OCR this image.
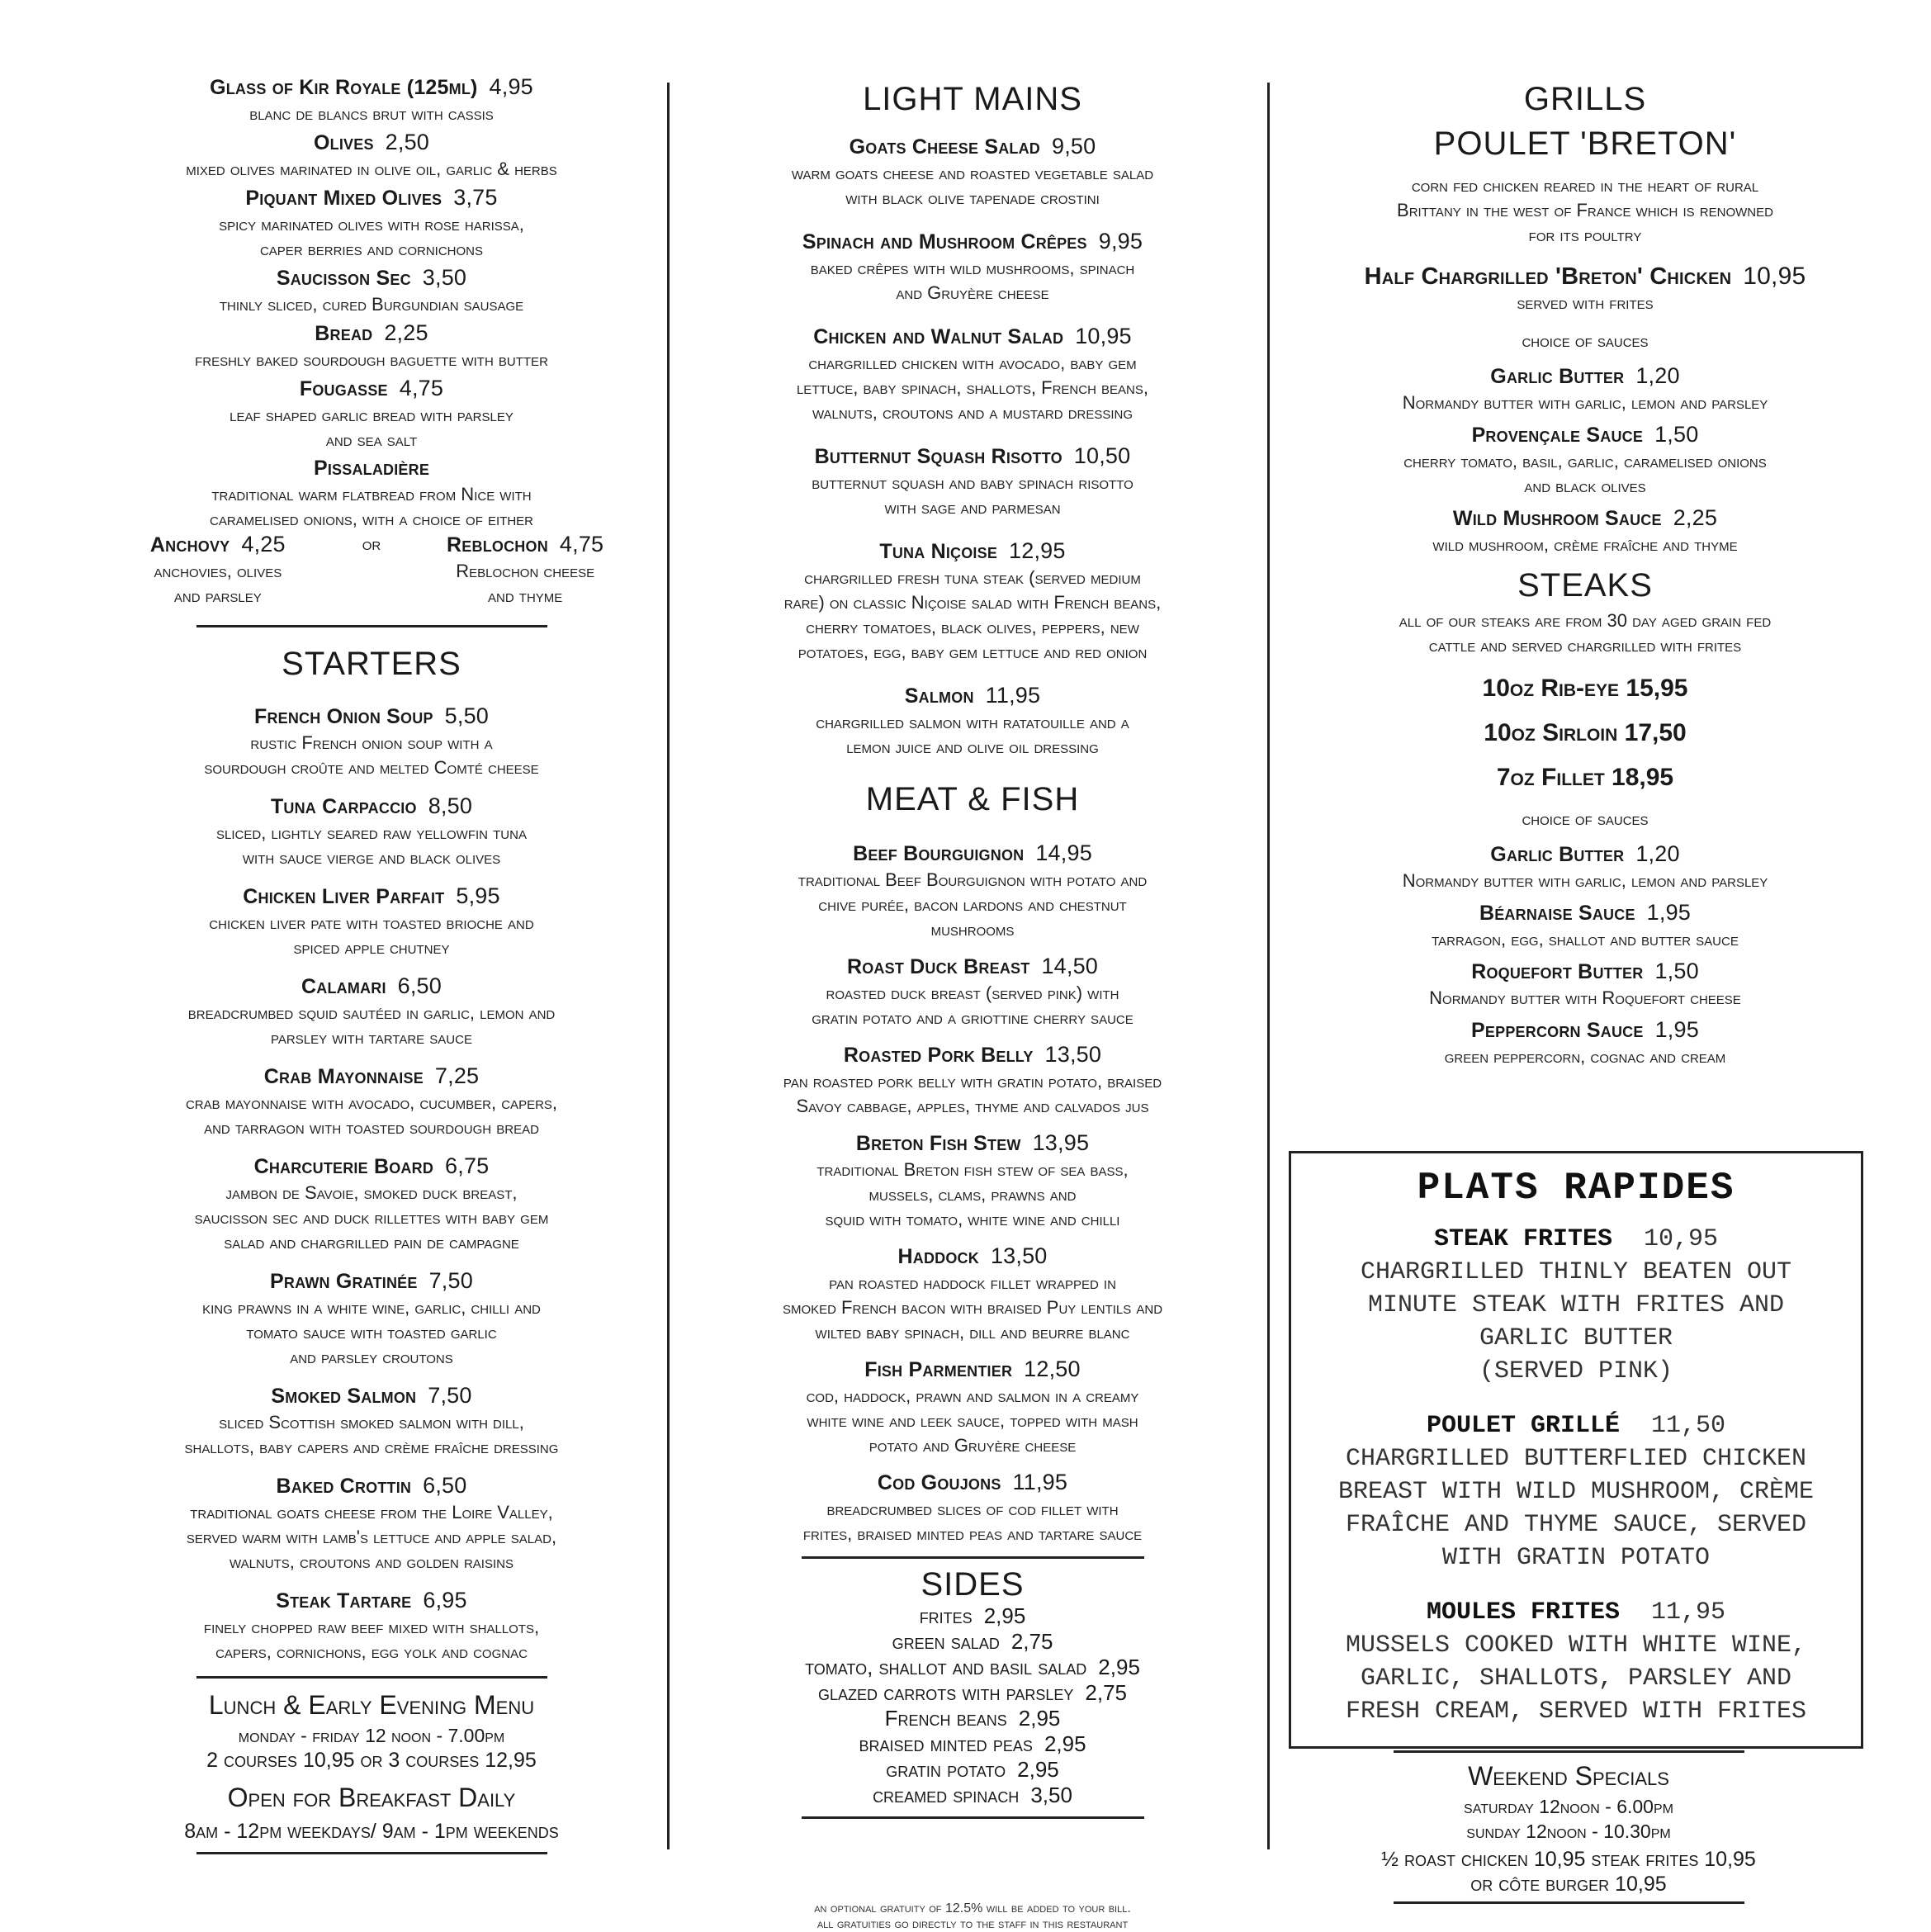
Glass of Kir Royale (125ml) 4,95
blanc de blancs brut with cassis
Olives 2,50
mixed olives marinated in olive oil, garlic & herbs
Piquant Mixed Olives 3,75
spicy marinated olives with rose harissa,
caper berries and cornichons
Saucisson Sec 3,50
thinly sliced, cured Burgundian sausage
Bread 2,25
freshly baked sourdough baguette with butter
Fougasse 4,75
leaf shaped garlic bread with parsley
and sea salt
Pissaladière
traditional warm flatbread from Nice with
caramelised onions, with a choice of either
Anchovy 4,25
anchovies, olives
and parsley
or	Reblochon 4,75
Reblochon cheese
and thyme
STARTERS
French Onion Soup 5,50
rustic French onion soup with a
sourdough croûte and melted Comté cheese
Tuna Carpaccio 8,50
sliced, lightly seared raw yellowfin tuna
with sauce vierge and black olives
Chicken Liver Parfait 5,95
chicken liver pate with toasted brioche and
spiced apple chutney
Calamari 6,50
breadcrumbed squid sautéed in garlic, lemon and
parsley with tartare sauce
Crab Mayonnaise 7,25
crab mayonnaise with avocado, cucumber, capers,
and tarragon with toasted sourdough bread
Charcuterie Board 6,75
jambon de Savoie, smoked duck breast,
saucisson sec and duck rillettes with baby gem
salad and chargrilled pain de campagne
Prawn Gratinée 7,50
king prawns in a white wine, garlic, chilli and
tomato sauce with toasted garlic
and parsley croutons
Smoked Salmon 7,50
sliced Scottish smoked salmon with dill,
shallots, baby capers and crème fraîche dressing
Baked Crottin 6,50
traditional goats cheese from the Loire Valley,
served warm with lamb's lettuce and apple salad,
walnuts, croutons and golden raisins
Steak Tartare 6,95
finely chopped raw beef mixed with shallots,
capers, cornichons, egg yolk and cognac
Lunch & Early Evening Menu
monday - friday 12 noon - 7.00pm
2 courses 10,95 or 3 courses 12,95
Open for Breakfast Daily
8am - 12pm weekdays/ 9am - 1pm weekends
LIGHT MAINS
Goats Cheese Salad 9,50
warm goats cheese and roasted vegetable salad
with black olive tapenade crostini
Spinach and Mushroom Crêpes 9,95
baked crêpes with wild mushrooms, spinach
and Gruyère cheese
Chicken and Walnut Salad 10,95
chargrilled chicken with avocado, baby gem
lettuce, baby spinach, shallots, French beans,
walnuts, croutons and a mustard dressing
Butternut Squash Risotto 10,50
butternut squash and baby spinach risotto
with sage and parmesan
Tuna Niçoise 12,95
chargrilled fresh tuna steak (served medium
rare) on classic Niçoise salad with French beans,
cherry tomatoes, black olives, peppers, new
potatoes, egg, baby gem lettuce and red onion
Salmon 11,95
chargrilled salmon with ratatouille and a
lemon juice and olive oil dressing
MEAT & FISH
Beef Bourguignon 14,95
traditional Beef Bourguignon with potato and
chive purée, bacon lardons and chestnut
mushrooms
Roast Duck Breast 14,50
roasted duck breast (served pink) with
gratin potato and a griottine cherry sauce
Roasted Pork Belly 13,50
pan roasted pork belly with gratin potato, braised
Savoy cabbage, apples, thyme and calvados jus
Breton Fish Stew 13,95
traditional Breton fish stew of sea bass,
mussels, clams, prawns and
squid with tomato, white wine and chilli
Haddock 13,50
pan roasted haddock fillet wrapped in
smoked French bacon with braised Puy lentils and
wilted baby spinach, dill and beurre blanc
Fish Parmentier 12,50
cod, haddock, prawn and salmon in a creamy
white wine and leek sauce, topped with mash
potato and Gruyère cheese
Cod Goujons 11,95
breadcrumbed slices of cod fillet with
frites, braised minted peas and tartare sauce
SIDES
frites 2,95
green salad 2,75
tomato, shallot and basil salad 2,95
glazed carrots with parsley 2,75
French beans 2,95
braised minted peas 2,95
gratin potato 2,95
creamed spinach 3,50
an optional gratuity of 12.5% will be added to your bill.
all gratuities go directly to the staff in this restaurant
GRILLS
POULET 'BRETON'
corn fed chicken reared in the heart of rural
Brittany in the west of France which is renowned
for its poultry
Half Chargrilled 'Breton' Chicken 10,95
served with frites
choice of sauces
Garlic Butter 1,20
Normandy butter with garlic, lemon and parsley
Provençale Sauce 1,50
cherry tomato, basil, garlic, caramelised onions
and black olives
Wild Mushroom Sauce 2,25
wild mushroom, crème fraîche and thyme
STEAKS
all of our steaks are from 30 day aged grain fed
cattle and served chargrilled with frites
10oz Rib-eye 15,95
10oz Sirloin 17,50
7oz Fillet 18,95
choice of sauces
Garlic Butter 1,20
Normandy butter with garlic, lemon and parsley
Béarnaise Sauce 1,95
tarragon, egg, shallot and butter sauce
Roquefort Butter 1,50
Normandy butter with Roquefort cheese
Peppercorn Sauce 1,95
green peppercorn, cognac and cream
PLATS RAPIDES
STEAK FRITES 10,95
CHARGRILLED THINLY BEATEN OUT
MINUTE STEAK WITH FRITES AND
GARLIC BUTTER
(SERVED PINK)
POULET GRILLÉ 11,50
CHARGRILLED BUTTERFLIED CHICKEN
BREAST WITH WILD MUSHROOM, CRÈME
FRAÎCHE AND THYME SAUCE, SERVED
WITH GRATIN POTATO
MOULES FRITES 11,95
MUSSELS COOKED WITH WHITE WINE,
GARLIC, SHALLOTS, PARSLEY AND
FRESH CREAM, SERVED WITH FRITES
Weekend Specials
saturday 12noon - 6.00pm
sunday 12noon - 10.30pm
½ roast chicken 10,95 steak frites 10,95
or côte burger 10,95
